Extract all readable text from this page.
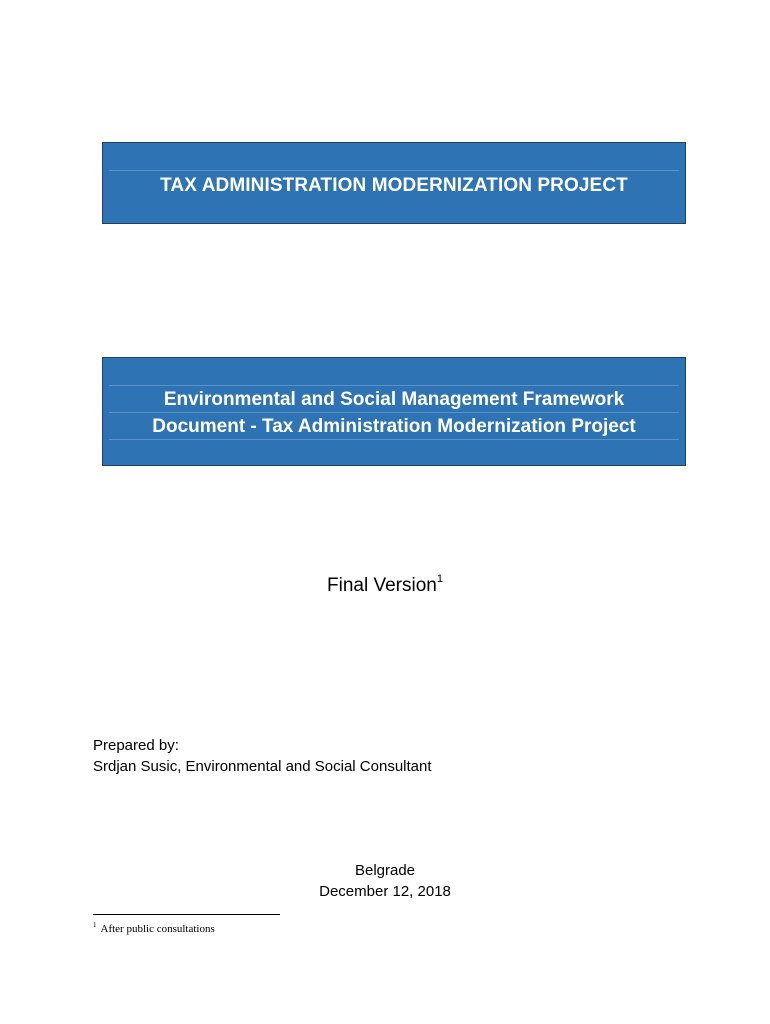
TAX ADMINISTRATION MODERNIZATION PROJECT
Environmental and Social Management Framework
Document - Tax Administration Modernization Project
Final Version$^1$
Prepared by:
Srdjan Susic, Environmental and Social Consultant
Belgrade
December 12, 2018
$^1$ After public consultations
